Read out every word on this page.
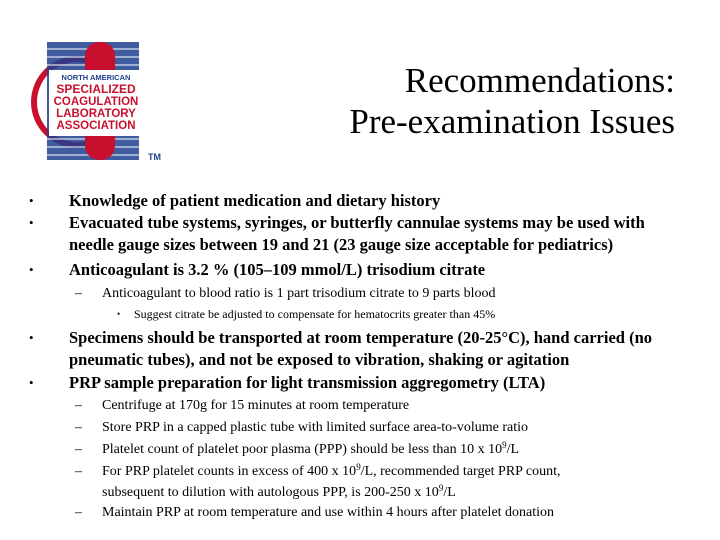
NORTH AMERICAN
SPECIALIZED
COAGULATION
LABORATORY
ASSOCIATION
TM
Recommendations:
Pre-examination Issues
• Knowledge of patient medication and dietary history
• Evacuated tube systems, syringes, or butterfly cannulae systems may be used with
needle gauge sizes between 19 and 21 (23 gauge size acceptable for pediatrics)
• Anticoagulant is 3.2 % (105–109 mmol/L) trisodium citrate
– Anticoagulant to blood ratio is 1 part trisodium citrate to 9 parts blood
• Suggest citrate be adjusted to compensate for hematocrits greater than 45%
• Specimens should be transported at room temperature (20-25°C), hand carried (no
pneumatic tubes), and not be exposed to vibration, shaking or agitation
• PRP sample preparation for light transmission aggregometry (LTA)
– Centrifuge at 170g for 15 minutes at room temperature
– Store PRP in a capped plastic tube with limited surface area-to-volume ratio
– Platelet count of platelet poor plasma (PPP) should be less than 10 x $10^9/L$
– For PRP platelet counts in excess of 400 x $10^9/L$, recommended target PRP count,
subsequent to dilution with autologous PPP, is 200-250 x $10^9/L$
– Maintain PRP at room temperature and use within 4 hours after platelet donation
